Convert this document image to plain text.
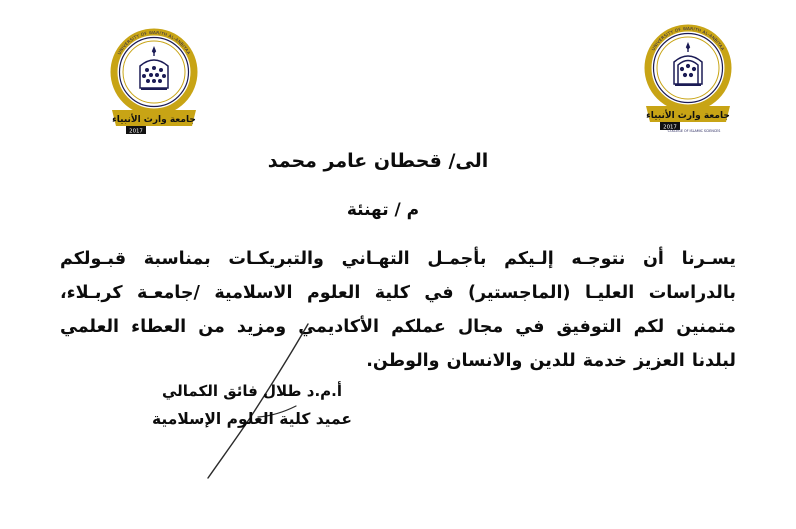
UNIVERSITY OF WARITH AL-ANBIYAA
جامعة وارث الأنبياء
2017
COLLEGE OF ISLAMIC SCIENCES
UNIVERSITY OF WARITH AL-ANBIYAA
جامعة وارث الأنبياء
2017

الى/ قحطان عامر محمد

م / تهنئة

يسـرنا أن نتوجـه إلـيكم بأجمـل التهـاني والتبريكـات بمناسبة قبـولكم بالدراسات العليـا (الماجستير) في كلية العلوم الاسلامية /جامعـة كربـلاء، متمنين لكم التوفيق في مجال عملكم الأكاديمي ومزيد من العطاء العلمي لبلدنا العزيز خدمة للدين والانسان والوطن.

أ.م.د طلال فائق الكمالي

عميد كلية العلوم الإسلامية
